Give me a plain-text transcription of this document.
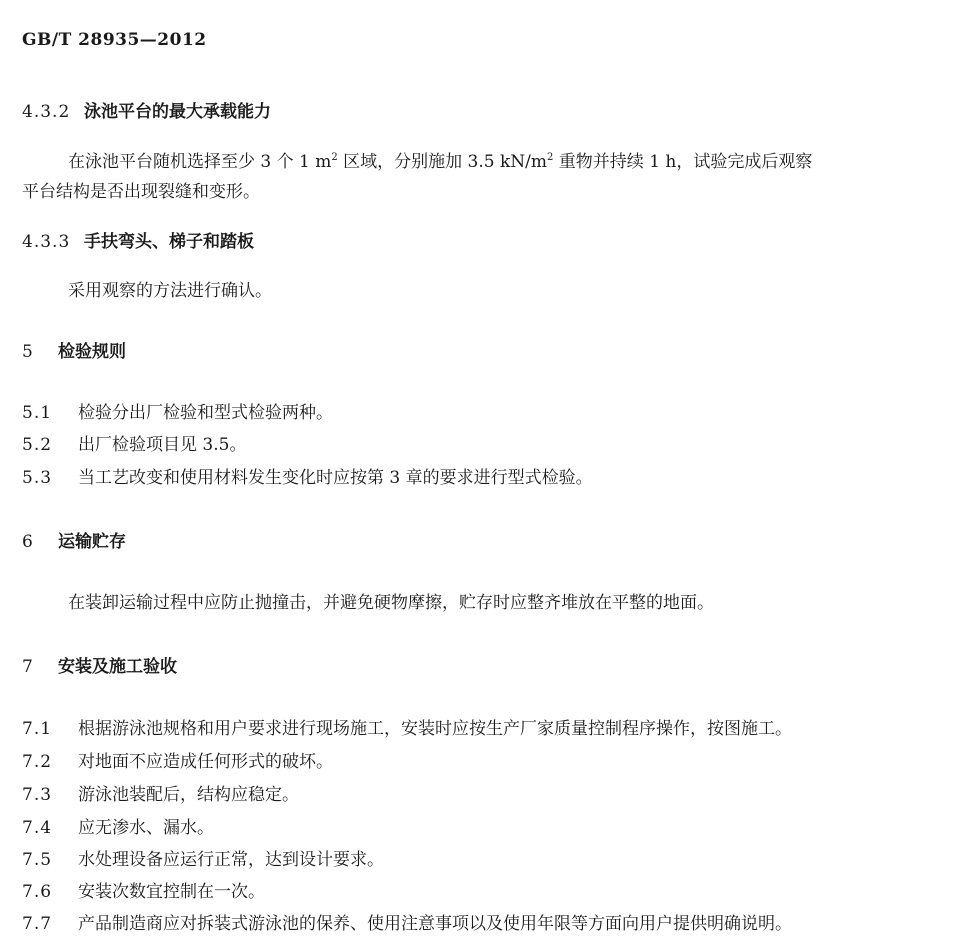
GB/T 28935—2012
4.3.2 泳池平台的最大承载能力
在泳池平台随机选择至少 3 个 1 $m^2$ 区域，分别施加 3.5 $kN/m^2$ 重物并持续 1 h，试验完成后观察
平台结构是否出现裂缝和变形。
4.3.3 手扶弯头、梯子和踏板
采用观察的方法进行确认。
5 检验规则
5.1 检验分出厂检验和型式检验两种。
5.2 出厂检验项目见 3.5。
5.3 当工艺改变和使用材料发生变化时应按第 3 章的要求进行型式检验。
6 运输贮存
在装卸运输过程中应防止抛撞击，并避免硬物摩擦，贮存时应整齐堆放在平整的地面。
7 安装及施工验收
7.1 根据游泳池规格和用户要求进行现场施工，安装时应按生产厂家质量控制程序操作，按图施工。
7.2 对地面不应造成任何形式的破坏。
7.3 游泳池装配后，结构应稳定。
7.4 应无渗水、漏水。
7.5 水处理设备应运行正常，达到设计要求。
7.6 安装次数宜控制在一次。
7.7 产品制造商应对拆装式游泳池的保养、使用注意事项以及使用年限等方面向用户提供明确说明。
